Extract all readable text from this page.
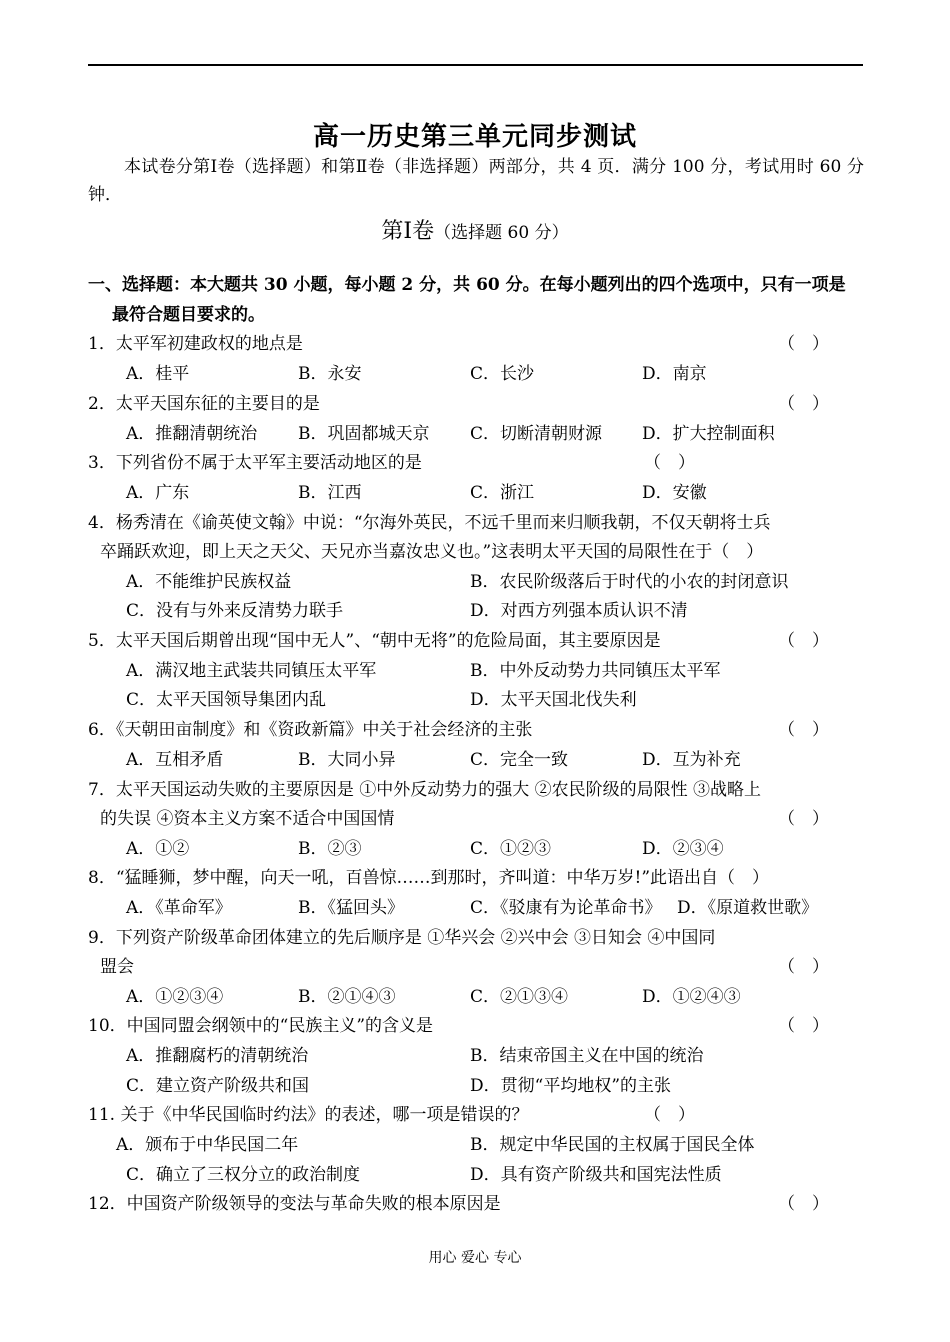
高一历史第三单元同步测试
本试卷分第Ⅰ卷（选择题）和第Ⅱ卷（非选择题）两部分，共 4 页．满分 100 分，考试用时 60 分钟．
第Ⅰ卷（选择题 60 分）
一、选择题：本大题共 30 小题，每小题 2 分，共 60 分。在每小题列出的四个选项中，只有一项是
最符合题目要求的。
1．太平军初建政权的地点是	（　）
A．桂平	B．永安	C．长沙	D．南京
2．太平天国东征的主要目的是	（　）
A．推翻清朝统治 B．巩固都城天京 C．切断清朝财源 D．扩大控制面积
3．下列省份不属于太平军主要活动地区的是	（　）
A．广东	B．江西	C．浙江	D．安徽
4．杨秀清在《谕英使文翰》中说：“尔海外英民，不远千里而来归顺我朝，不仅天朝将士兵
卒踊跃欢迎，即上天之天父、天兄亦当嘉汝忠义也。”这表明太平天国的局限性在于（　）
A．不能维护民族权益	B．农民阶级落后于时代的小农的封闭意识
C．没有与外来反清势力联手	D．对西方列强本质认识不清
5．太平天国后期曾出现“国中无人”、“朝中无将”的危险局面，其主要原因是	（　）
A．满汉地主武装共同镇压太平军	B．中外反动势力共同镇压太平军
C．太平天国领导集团内乱	D．太平天国北伐失利
6．《天朝田亩制度》和《资政新篇》中关于社会经济的主张	（　）
A．互相矛盾	B．大同小异	C．完全一致	D．互为补充
7．太平天国运动失败的主要原因是 ①中外反动势力的强大 ②农民阶级的局限性 ③战略上
的失误 ④资本主义方案不适合中国国情	（　）
A．①②	B．②③	C．①②③	D．②③④
8．“猛睡狮，梦中醒，向天一吼，百兽惊……到那时，齐叫道：中华万岁!”此语出自（　）
A．《革命军》	B．《猛回头》	C．《驳康有为论革命书》 D．《原道救世歌》
9．下列资产阶级革命团体建立的先后顺序是 ①华兴会 ②兴中会 ③日知会 ④中国同
盟会	（　）
A．①②③④	B．②①④③	C．②①③④	D．①②④③
10．中国同盟会纲领中的“民族主义”的含义是	（　）
A．推翻腐朽的清朝统治	B．结束帝国主义在中国的统治
C．建立资产阶级共和国	D．贯彻“平均地权”的主张
11. 关于《中华民国临时约法》的表述，哪一项是错误的？	（　）
A．颁布于中华民国二年	B．规定中华民国的主权属于国民全体
C．确立了三权分立的政治制度	D．具有资产阶级共和国宪法性质
12．中国资产阶级领导的变法与革命失败的根本原因是	（　）
用心 爱心 专心
